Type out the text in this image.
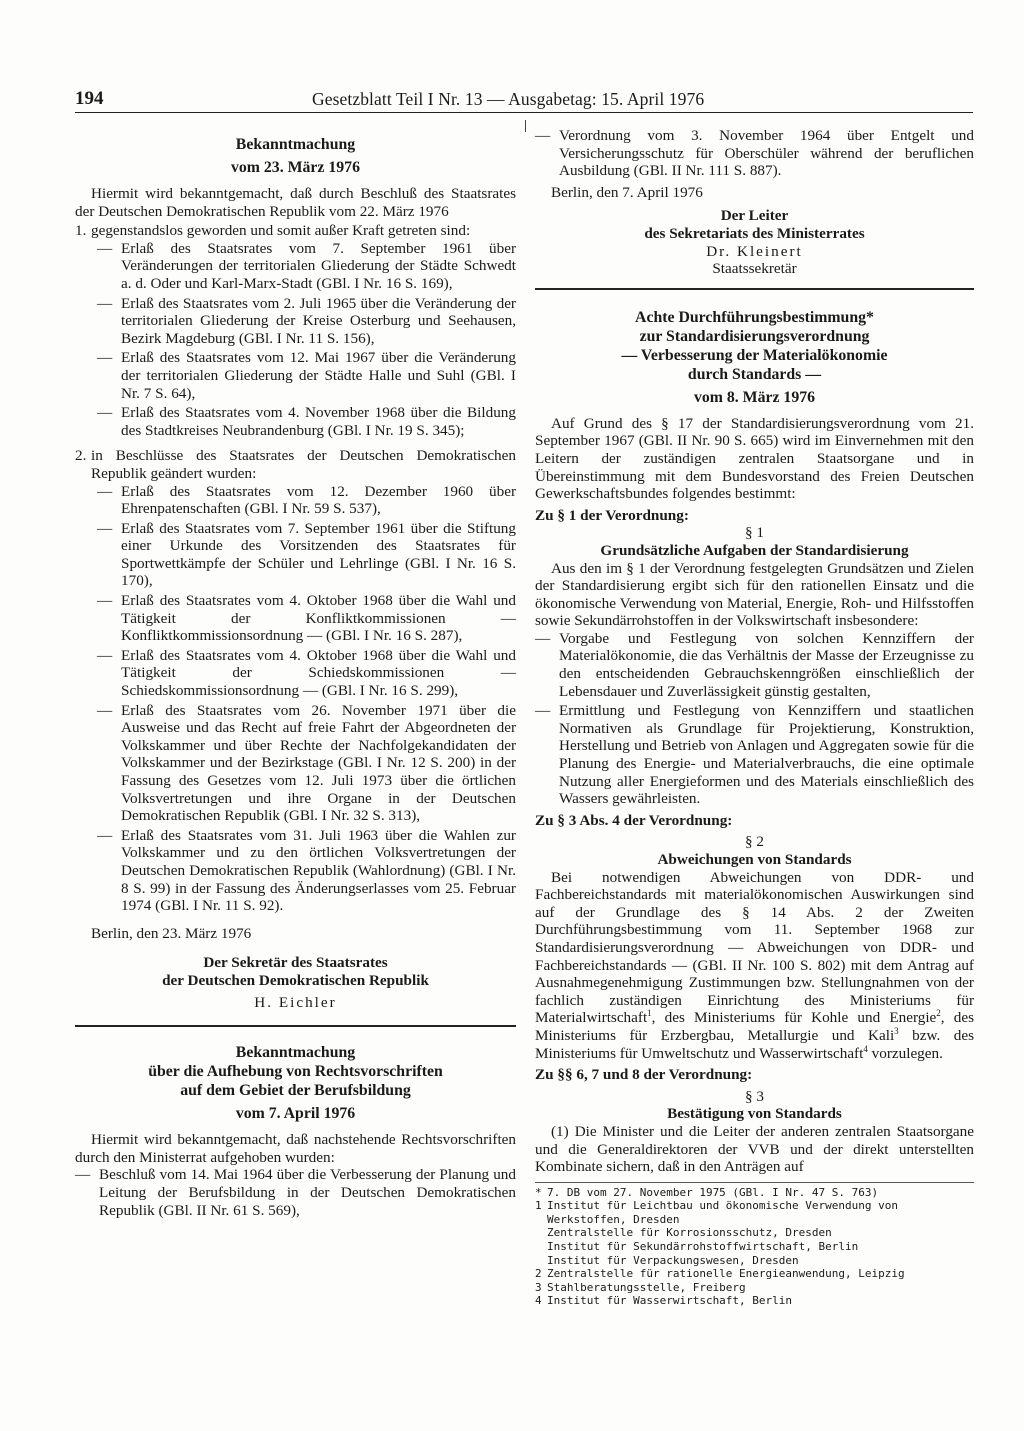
194	Gesetzblatt Teil I Nr. 13 — Ausgabetag: 15. April 1976
Bekanntmachung
vom 23. März 1976

Hiermit wird bekanntgemacht, daß durch Beschluß des Staatsrates der Deutschen Demokratischen Republik vom 22. März 1976

1. gegenstandslos geworden und somit außer Kraft getreten sind:

— Erlaß des Staatsrates vom 7. September 1961 über Veränderungen der territorialen Gliederung der Städte Schwedt a. d. Oder und Karl-Marx-Stadt (GBl. I Nr. 16 S. 169),
— Erlaß des Staatsrates vom 2. Juli 1965 über die Veränderung der territorialen Gliederung der Kreise Osterburg und Seehausen, Bezirk Magdeburg (GBl. I Nr. 11 S. 156),
— Erlaß des Staatsrates vom 12. Mai 1967 über die Veränderung der territorialen Gliederung der Städte Halle und Suhl (GBl. I Nr. 7 S. 64),
— Erlaß des Staatsrates vom 4. November 1968 über die Bildung des Stadtkreises Neubrandenburg (GBl. I Nr. 19 S. 345);
2. in Beschlüsse des Staatsrates der Deutschen Demokratischen Republik geändert wurden:

— Erlaß des Staatsrates vom 12. Dezember 1960 über Ehrenpatenschaften (GBl. I Nr. 59 S. 537),
— Erlaß des Staatsrates vom 7. September 1961 über die Stiftung einer Urkunde des Vorsitzenden des Staatsrates für Sportwettkämpfe der Schüler und Lehrlinge (GBl. I Nr. 16 S. 170),
— Erlaß des Staatsrates vom 4. Oktober 1968 über die Wahl und Tätigkeit der Konfliktkommissionen — Konfliktkommissionsordnung — (GBl. I Nr. 16 S. 287),
— Erlaß des Staatsrates vom 4. Oktober 1968 über die Wahl und Tätigkeit der Schiedskommissionen — Schiedskommissionsordnung — (GBl. I Nr. 16 S. 299),
— Erlaß des Staatsrates vom 26. November 1971 über die Ausweise und das Recht auf freie Fahrt der Abgeordneten der Volkskammer und über Rechte der Nachfolgekandidaten der Volkskammer und der Bezirkstage (GBl. I Nr. 12 S. 200) in der Fassung des Gesetzes vom 12. Juli 1973 über die örtlichen Volksvertretungen und ihre Organe in der Deutschen Demokratischen Republik (GBl. I Nr. 32 S. 313),
— Erlaß des Staatsrates vom 31. Juli 1963 über die Wahlen zur Volkskammer und zu den örtlichen Volksvertretungen der Deutschen Demokratischen Republik (Wahlordnung) (GBl. I Nr. 8 S. 99) in der Fassung des Änderungserlasses vom 25. Februar 1974 (GBl. I Nr. 11 S. 92).

Berlin, den 23. März 1976

Der Sekretär des Staatsrates
der Deutschen Demokratischen Republik
H. Eichler
Bekanntmachung
über die Aufhebung von Rechtsvorschriften
auf dem Gebiet der Berufsbildung
vom 7. April 1976

Hiermit wird bekanntgemacht, daß nachstehende Rechtsvorschriften durch den Ministerrat aufgehoben wurden:

— Beschluß vom 14. Mai 1964 über die Verbesserung der Planung und Leitung der Berufsbildung in der Deutschen Demokratischen Republik (GBl. II Nr. 61 S. 569),
— Verordnung vom 3. November 1964 über Entgelt und Versicherungsschutz für Oberschüler während der beruflichen Ausbildung (GBl. II Nr. 111 S. 887).

Berlin, den 7. April 1976

Der Leiter
des Sekretariats des Ministerrates
Dr. Kleinert
Staatssekretär
Achte Durchführungsbestimmung*
zur Standardisierungsverordnung
— Verbesserung der Materialökonomie
durch Standards —
vom 8. März 1976

Auf Grund des § 17 der Standardisierungsverordnung vom 21. September 1967 (GBl. II Nr. 90 S. 665) wird im Einvernehmen mit den Leitern der zuständigen zentralen Staatsorgane und in Übereinstimmung mit dem Bundesvorstand des Freien Deutschen Gewerkschaftsbundes folgendes bestimmt:

Zu § 1 der Verordnung:

§ 1
Grundsätzliche Aufgaben der Standardisierung

Aus den im § 1 der Verordnung festgelegten Grundsätzen und Zielen der Standardisierung ergibt sich für den rationellen Einsatz und die ökonomische Verwendung von Material, Energie, Roh- und Hilfsstoffen sowie Sekundärrohstoffen in der Volkswirtschaft insbesondere:

— Vorgabe und Festlegung von solchen Kennziffern der Materialökonomie, die das Verhältnis der Masse der Erzeugnisse zu den entscheidenden Gebrauchskenngrößen einschließlich der Lebensdauer und Zuverlässigkeit günstig gestalten,
— Ermittlung und Festlegung von Kennziffern und staatlichen Normativen als Grundlage für Projektierung, Konstruktion, Herstellung und Betrieb von Anlagen und Aggregaten sowie für die Planung des Energie- und Materialverbrauchs, die eine optimale Nutzung aller Energieformen und des Materials einschließlich des Wassers gewährleisten.

Zu § 3 Abs. 4 der Verordnung:

§ 2
Abweichungen von Standards

Bei notwendigen Abweichungen von DDR- und Fachbereichstandards mit materialökonomischen Auswirkungen sind auf der Grundlage des § 14 Abs. 2 der Zweiten Durchführungsbestimmung vom 11. September 1968 zur Standardisierungsverordnung — Abweichungen von DDR- und Fachbereichstandards — (GBl. II Nr. 100 S. 802) mit dem Antrag auf Ausnahmegenehmigung Zustimmungen bzw. Stellungnahmen von der fachlich zuständigen Einrichtung des Ministeriums für Materialwirtschaft$^1$, des Ministeriums für Kohle und Energie$^2$, des Ministeriums für Erzbergbau, Metallurgie und Kali$^3$ bzw. des Ministeriums für Umweltschutz und Wasserwirtschaft$^4$ vorzulegen.

Zu §§ 6, 7 und 8 der Verordnung:

§ 3
Bestätigung von Standards

(1) Die Minister und die Leiter der anderen zentralen Staatsorgane und die Generaldirektoren der VVB und der direkt unterstellten Kombinate sichern, daß in den Anträgen auf

* 7. DB vom 27. November 1975 (GBl. I Nr. 47 S. 763)
1 Institut für Leichtbau und ökonomische Verwendung von Werkstoffen, Dresden
Zentralstelle für Korrosionsschutz, Dresden
Institut für Sekundärrohstoffwirtschaft, Berlin
Institut für Verpackungswesen, Dresden
2 Zentralstelle für rationelle Energieanwendung, Leipzig
3 Stahlberatungsstelle, Freiberg
4 Institut für Wasserwirtschaft, Berlin
